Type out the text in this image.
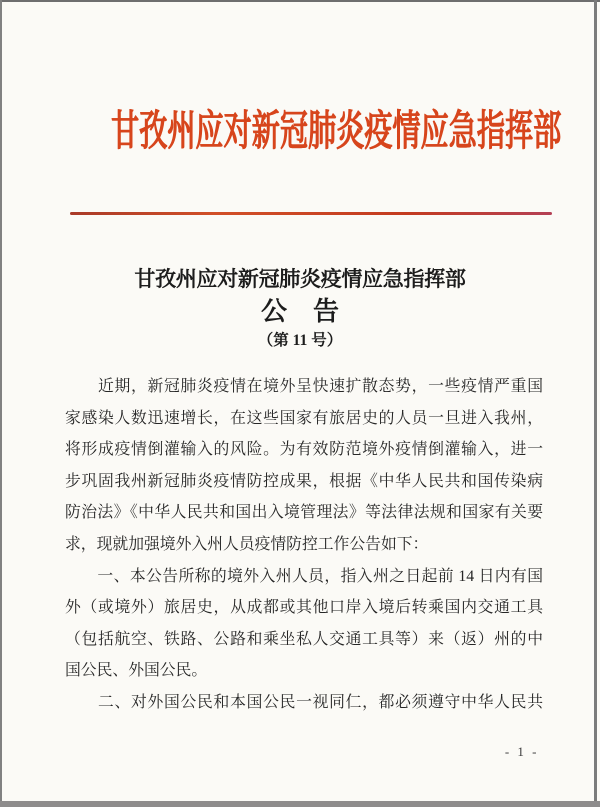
甘孜州应对新冠肺炎疫情应急指挥部
甘孜州应对新冠肺炎疫情应急指挥部
公　告
（第 11 号）
　　近期，新冠肺炎疫情在境外呈快速扩散态势，一些疫情严重国
家感染人数迅速增长，在这些国家有旅居史的人员一旦进入我州，
将形成疫情倒灌输入的风险。为有效防范境外疫情倒灌输入，进一
步巩固我州新冠肺炎疫情防控成果，根据《中华人民共和国传染病
防治法》《中华人民共和国出入境管理法》等法律法规和国家有关要
求，现就加强境外入州人员疫情防控工作公告如下：
　　一、本公告所称的境外入州人员，指入州之日起前 14 日内有国
外（或境外）旅居史，从成都或其他口岸入境后转乘国内交通工具
（包括航空、铁路、公路和乘坐私人交通工具等）来（返）州的中
国公民、外国公民。
　　二、对外国公民和本国公民一视同仁，都必须遵守中华人民共
- 1 -
